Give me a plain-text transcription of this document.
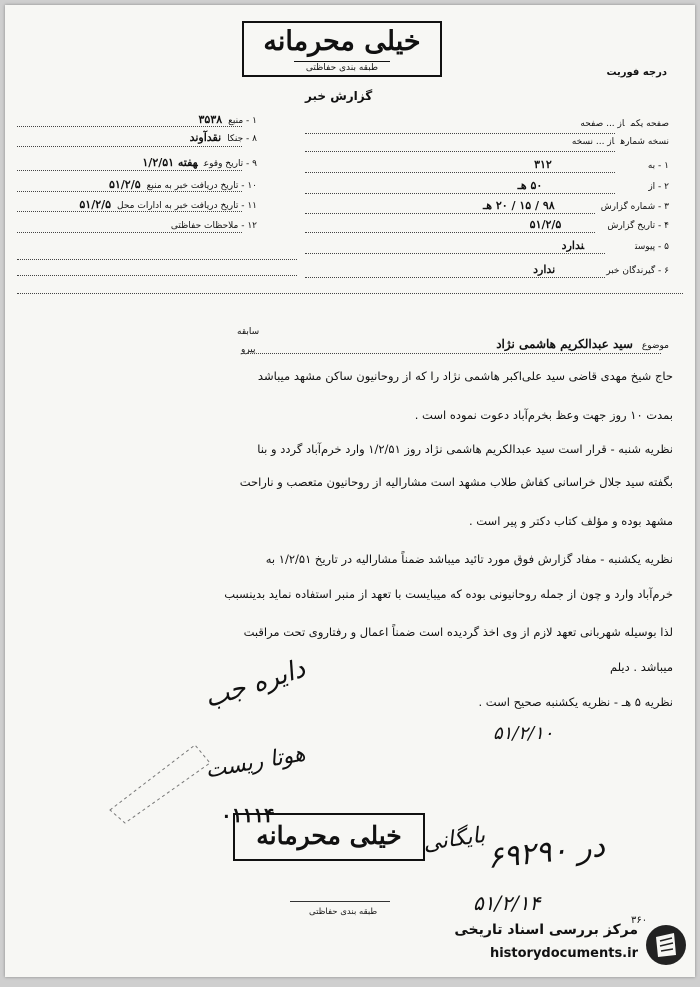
خیلی محرمانه
طبقه بندی حفاظتی	درجه فوریت
گزارش خبر
۱ - منبع۳۵۳۸
۸ - جنکانقدآوند
۹ - تاریخ وقوعهفته ۱/۲/۵۱
۱۰ - تاریخ دریافت خبر به منبع۵۱/۲/۵
۱۱ - تاریخ دریافت خبر به ادارات محل۵۱/۲/۵
۱۲ - ملاحظات حفاظتی
صفحه یکماز ... صفحه
نسخه شمارهاز ... نسخه
۱ - به۳۱۲
۲ - از۵۰ هـ
۳ - شماره گزارش۹۸ / ۱۵ / ۲۰ هـ
۴ - تاریخ گزارش۵۱/۲/۵
۵ - پیوستندارد
۶ - گیرندگان خبرندارد
سابقه
پیرو	موضوع سید عبدالکریم هاشمی نژاد
حاج شیخ مهدی قاضی سید علی‌اکبر هاشمی نژاد را که از روحانیون ساکن مشهد میباشد
بمدت ۱۰ روز جهت وعظ بخرم‌آباد دعوت نموده است .
نظریه شنبه - قرار است سید عبدالکریم هاشمی نژاد روز ۱/۲/۵۱ وارد خرم‌آباد گردد و بنا
بگفته سید جلال خراسانی کفاش طلاب مشهد است مشارالیه از روحانیون متعصب و ناراحت
مشهد بوده و مؤلف کتاب دکتر و پیر است .
نظریه یکشنبه - مفاد گزارش فوق مورد تائید میباشد ضمناً مشارالیه در تاریخ ۱/۲/۵۱ به
خرم‌آباد وارد و چون از جمله روحانیونی بوده که میبایست با تعهد از منبر استفاده نماید بدینسبب
لذا بوسیله شهربانی تعهد لازم از وی اخذ گردیده است ضمناً اعمال و رفتاروی تحت مراقبت
میباشد . دیلم
نظریه ۵ هـ - نظریه یکشنبه صحیح است .
دایره جب
هوتا ریست
۵۱/۲/۱۰
۰۱۱۱۴
در ۶۹۲۹۰
بایگانی
۵۱/۲/۱۴
۳۶۰
خیلی محرمانه
طبقه بندی حفاظتی
مرکز بررسی اسناد تاریخی
historydocuments.ir
